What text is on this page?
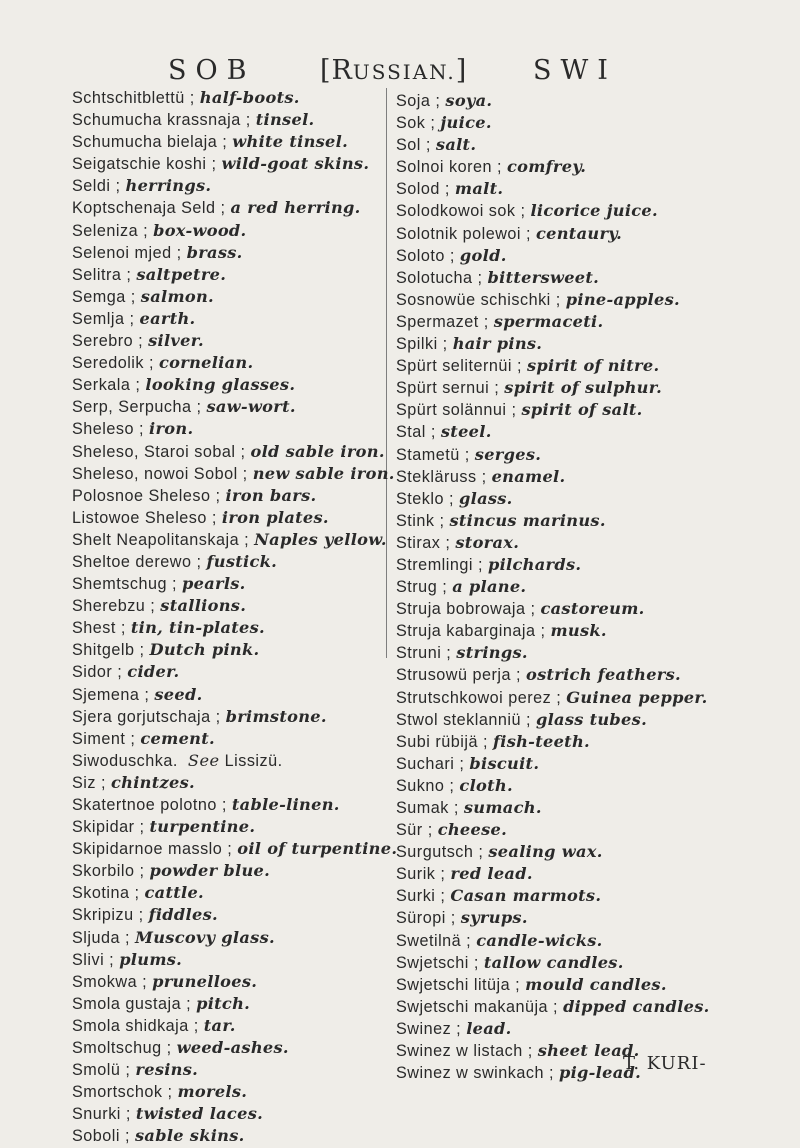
SOB [RUSSIAN.] SWI
Schtschitblettü ; half-boots.
Schumucha krassnaja ; tinsel.
Schumucha bielaja ; white tinsel.
Seigatschie koshi ; wild-goat skins.
Seldi ; herrings.
Koptschenaja Seld ; a red herring.
Seleniza ; box-wood.
Selenoi mjed ; brass.
Selitra ; saltpetre.
Semga ; salmon.
Semlja ; earth.
Serebro ; silver.
Seredolik ; cornelian.
Serkala ; looking glasses.
Serp, Serpucha ; saw-wort.
Sheleso ; iron.
Sheleso, Staroi sobal ; old sable iron.
Sheleso, nowoi Sobol ; new sable iron.
Polosnoe Sheleso ; iron bars.
Listowoe Sheleso ; iron plates.
Shelt Neapolitanskaja ; Naples yellow.
Sheltoe derewo ; fustick.
Shemtschug ; pearls.
Sherebzu ; stallions.
Shest ; tin, tin-plates.
Shitgelb ; Dutch pink.
Sidor ; cider.
Sjemena ; seed.
Sjera gorjutschaja ; brimstone.
Siment ; cement.
Siwoduschka. See Lissizü.
Siz ; chintzes.
Skatertnoe polotno ; table-linen.
Skipidar ; turpentine.
Skipidarnoe masslo ; oil of turpentine.
Skorbilo ; powder blue.
Skotina ; cattle.
Skripizu ; fiddles.
Sljuda ; Muscovy glass.
Slivi ; plums.
Smokwa ; prunelloes.
Smola gustaja ; pitch.
Smola shidkaja ; tar.
Smoltschug ; weed-ashes.
Smolü ; resins.
Smortschok ; morels.
Snurki ; twisted laces.
Soboli ; sable skins.
Soja ; soya.
Sok ; juice.
Sol ; salt.
Solnoi koren ; comfrey.
Solod ; malt.
Solodkowoi sok ; licorice juice.
Solotnik polewoi ; centaury.
Soloto ; gold.
Solotucha ; bittersweet.
Sosnowüe schischki ; pine-apples.
Spermazet ; spermaceti.
Spilki ; hair pins.
Spürt seliternüi ; spirit of nitre.
Spürt sernui ; spirit of sulphur.
Spürt solännui ; spirit of salt.
Stal ; steel.
Stametü ; serges.
Stekläruss ; enamel.
Steklo ; glass.
Stink ; stincus marinus.
Stirax ; storax.
Stremlingi ; pilchards.
Strug ; a plane.
Struja bobrowaja ; castoreum.
Struja kabarginaja ; musk.
Struni ; strings.
Strusowü perja ; ostrich feathers.
Strutschkowoi perez ; Guinea pepper.
Stwol steklanniü ; glass tubes.
Subi rübijä ; fish-teeth.
Suchari ; biscuit.
Sukno ; cloth.
Sumak ; sumach.
Sür ; cheese.
Surgutsch ; sealing wax.
Surik ; red lead.
Surki ; Casan marmots.
Süropi ; syrups.
Swetilnä ; candle-wicks.
Swjetschi ; tallow candles.
Swjetschi litüja ; mould candles.
Swjetschi makanüja ; dipped candles.
Swinez ; lead.
Swinez w listach ; sheet lead.
Swinez w swinkach ; pig-lead.
T. KURI-
